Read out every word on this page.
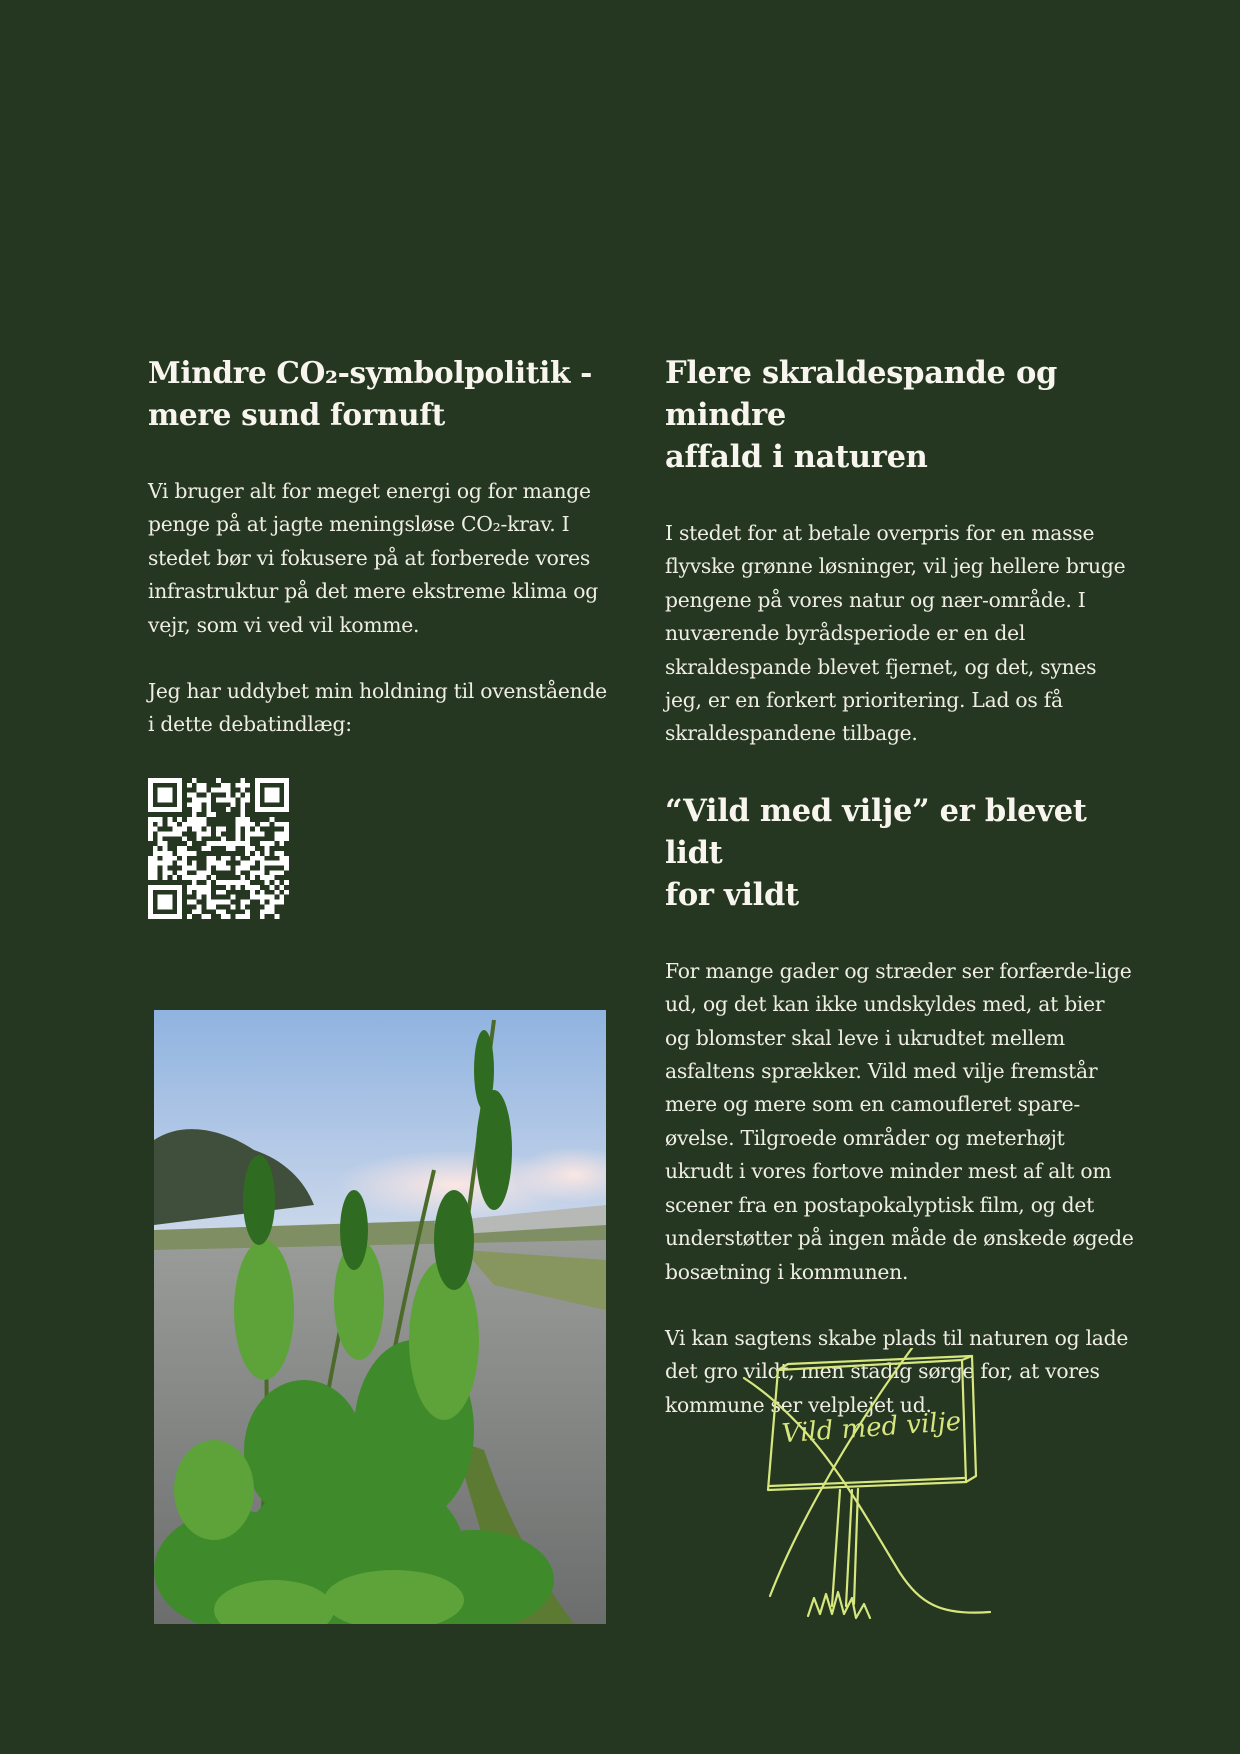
Mindre CO₂-symbolpolitik -
mere sund fornuft

Vi bruger alt for meget energi og for mange penge på at jagte meningsløse CO₂-krav. I stedet bør vi fokusere på at forberede vores infrastruktur på det mere ekstreme klima og vejr, som vi ved vil komme.

Jeg har uddybet min holdning til ovenstående i dette debatindlæg:

Flere skraldespande og mindre
affald i naturen

I stedet for at betale overpris for en masse flyvske grønne løsninger, vil jeg hellere bruge pengene på vores natur og nær-område. I nuværende byrådsperiode er en del skraldespande blevet fjernet, og det, synes jeg, er en forkert prioritering. Lad os få skraldespandene tilbage.

“Vild med vilje” er blevet lidt
for vildt

For mange gader og stræder ser forfærde-lige ud, og det kan ikke undskyldes med, at bier og blomster skal leve i ukrudtet mellem asfaltens sprækker. Vild med vilje fremstår mere og mere som en camoufleret spare-øvelse. Tilgroede områder og meterhøjt ukrudt i vores fortove minder mest af alt om scener fra en postapokalyptisk film, og det understøtter på ingen måde de ønskede øgede bosætning i kommunen.

Vi kan sagtens skabe plads til naturen og lade det gro vildt, men stadig sørge for, at vores kommune ser velplejet ud.

Vild med vilje
